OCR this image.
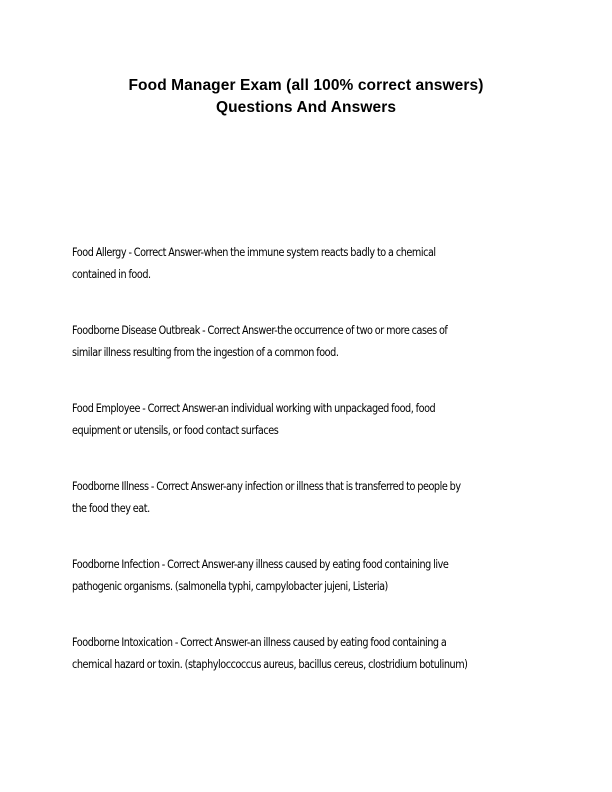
Food Manager Exam (all 100% correct answers)
Questions And Answers
Food Allergy - Correct Answer-when the immune system reacts badly to a chemical
contained in food.
Foodborne Disease Outbreak - Correct Answer-the occurrence of two or more cases of
similar illness resulting from the ingestion of a common food.
Food Employee - Correct Answer-an individual working with unpackaged food, food
equipment or utensils, or food contact surfaces
Foodborne Illness - Correct Answer-any infection or illness that is transferred to people by
the food they eat.
Foodborne Infection - Correct Answer-any illness caused by eating food containing live
pathogenic organisms. (salmonella typhi, campylobacter jujeni, Listeria)
Foodborne Intoxication - Correct Answer-an illness caused by eating food containing a
chemical hazard or toxin. (staphyloccoccus aureus, bacillus cereus, clostridium botulinum)
